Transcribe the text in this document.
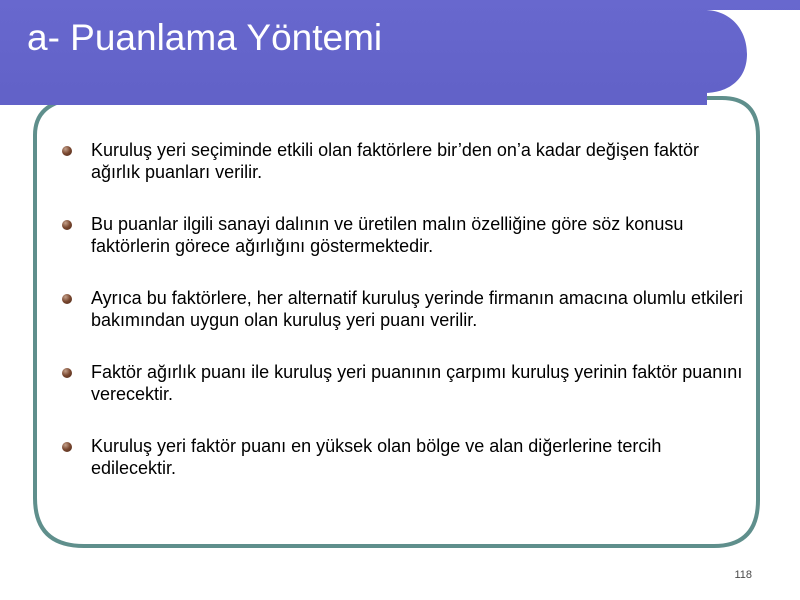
a- Puanlama Yöntemi
Kuruluş yeri seçiminde etkili olan faktörlere bir’den on’a kadar değişen faktör ağırlık puanları verilir.
Bu puanlar ilgili sanayi dalının ve üretilen malın özelliğine göre söz konusu faktörlerin görece ağırlığını göstermektedir.
Ayrıca bu faktörlere, her alternatif kuruluş yerinde firmanın amacına olumlu etkileri bakımından uygun olan kuruluş yeri puanı verilir.
Faktör ağırlık puanı ile kuruluş yeri puanının çarpımı kuruluş yerinin faktör puanını verecektir.
Kuruluş yeri faktör puanı en yüksek olan bölge ve alan diğerlerine tercih edilecektir.
118
